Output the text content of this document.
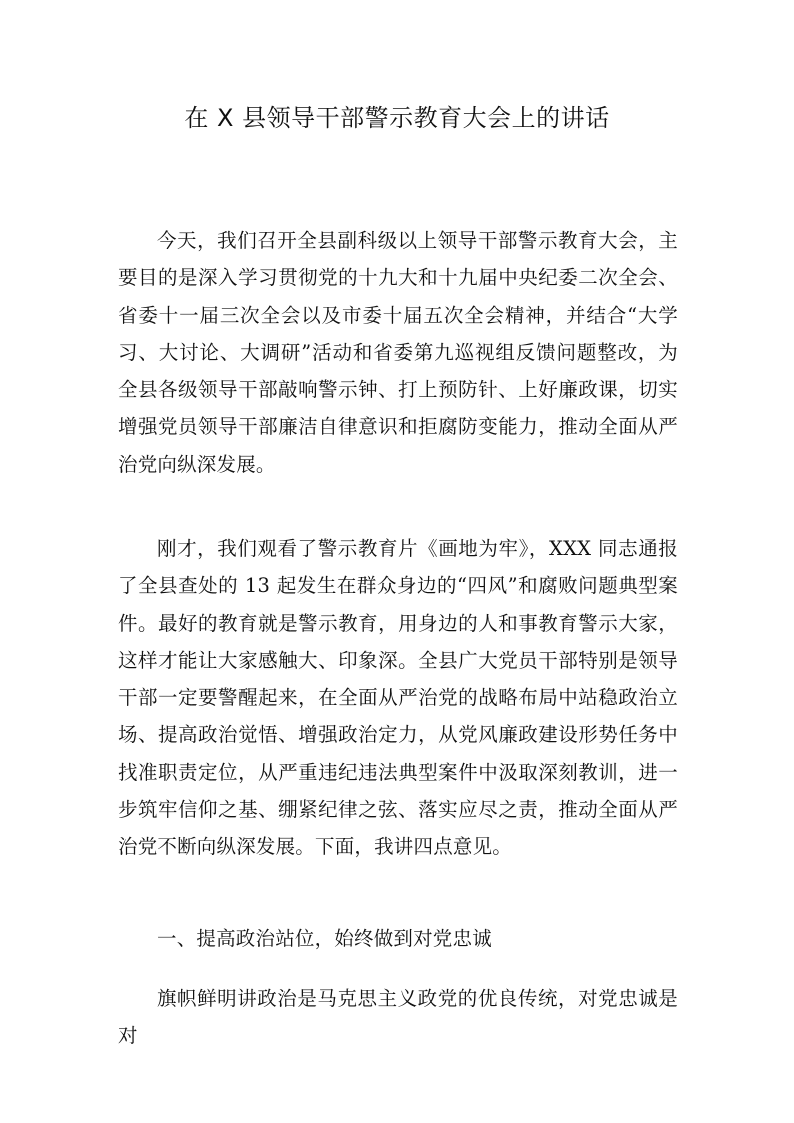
在 X 县领导干部警示教育大会上的讲话

今天，我们召开全县副科级以上领导干部警示教育大会，主要目的是深入学习贯彻党的十九大和十九届中央纪委二次全会、省委十一届三次全会以及市委十届五次全会精神，并结合“大学习、大讨论、大调研”活动和省委第九巡视组反馈问题整改，为全县各级领导干部敲响警示钟、打上预防针、上好廉政课，切实增强党员领导干部廉洁自律意识和拒腐防变能力，推动全面从严治党向纵深发展。

刚才，我们观看了警示教育片《画地为牢》，XXX 同志通报了全县查处的 13 起发生在群众身边的“四风”和腐败问题典型案件。最好的教育就是警示教育，用身边的人和事教育警示大家，这样才能让大家感触大、印象深。全县广大党员干部特别是领导干部一定要警醒起来，在全面从严治党的战略布局中站稳政治立场、提高政治觉悟、增强政治定力，从党风廉政建设形势任务中找准职责定位，从严重违纪违法典型案件中汲取深刻教训，进一步筑牢信仰之基、绷紧纪律之弦、落实应尽之责，推动全面从严治党不断向纵深发展。下面，我讲四点意见。

一、提高政治站位，始终做到对党忠诚

旗帜鲜明讲政治是马克思主义政党的优良传统，对党忠诚是对
